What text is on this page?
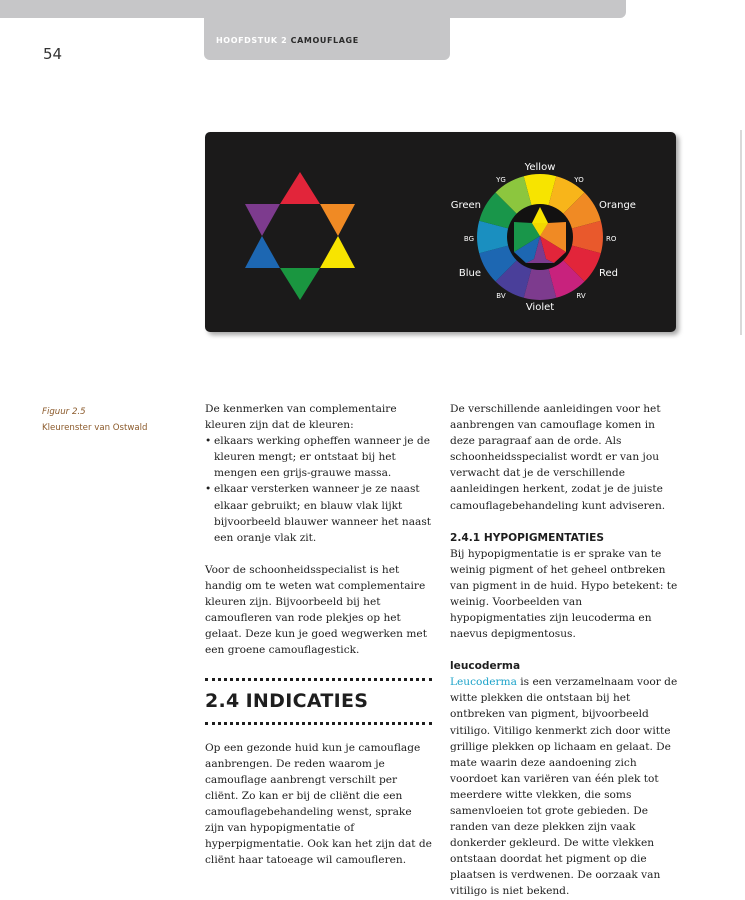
HOOFDSTUK 2 CAMOUFLAGE
54
Yellow
YO
Orange
RO
Red
RV
Violet
BV
Blue
BG
Green
YG
Figuur 2.5
Kleurenster van Ostwald

De kenmerken van complementaire kleuren zijn dat de kleuren:

• elkaars werking opheffen wanneer je de kleuren mengt; er ontstaat bij het mengen een grijs-grauwe massa.
• elkaar versterken wanneer je ze naast elkaar gebruikt; en blauw vlak lijkt bijvoorbeeld blauwer wanneer het naast een oranje vlak zit.

Voor de schoonheidsspecialist is het handig om te weten wat complementaire kleuren zijn. Bijvoorbeeld bij het camoufleren van rode plekjes op het gelaat. Deze kun je goed wegwerken met een groene camouflagestick.

2.4 INDICATIES

Op een gezonde huid kun je camouflage aanbrengen. De reden waarom je camouflage aanbrengt verschilt per cliënt. Zo kan er bij de cliënt die een camouflagebehandeling wenst, sprake zijn van hypopigmentatie of hyperpigmentatie. Ook kan het zijn dat de cliënt haar tatoeage wil camoufleren.

De verschillende aanleidingen voor het aanbrengen van camouflage komen in deze paragraaf aan de orde. Als schoonheidsspecialist wordt er van jou verwacht dat je de verschillende aanleidingen herkent, zodat je de juiste camouflagebehandeling kunt adviseren.

2.4.1 HYPOPIGMENTATIES

Bij hypopigmentatie is er sprake van te weinig pigment of het geheel ontbreken van pigment in de huid. Hypo betekent: te weinig. Voorbeelden van hypopigmentaties zijn leucoderma en naevus depigmentosus.

leucoderma

Leucoderma is een verzamelnaam voor de witte plekken die ontstaan bij het ontbreken van pigment, bijvoorbeeld vitiligo. Vitiligo kenmerkt zich door witte grillige plekken op lichaam en gelaat. De mate waarin deze aandoening zich voordoet kan variëren van één plek tot meerdere witte vlekken, die soms samenvloeien tot grote gebieden. De randen van deze plekken zijn vaak donkerder gekleurd. De witte vlekken ontstaan doordat het pigment op die plaatsen is verdwenen. De oorzaak van vitiligo is niet bekend.
